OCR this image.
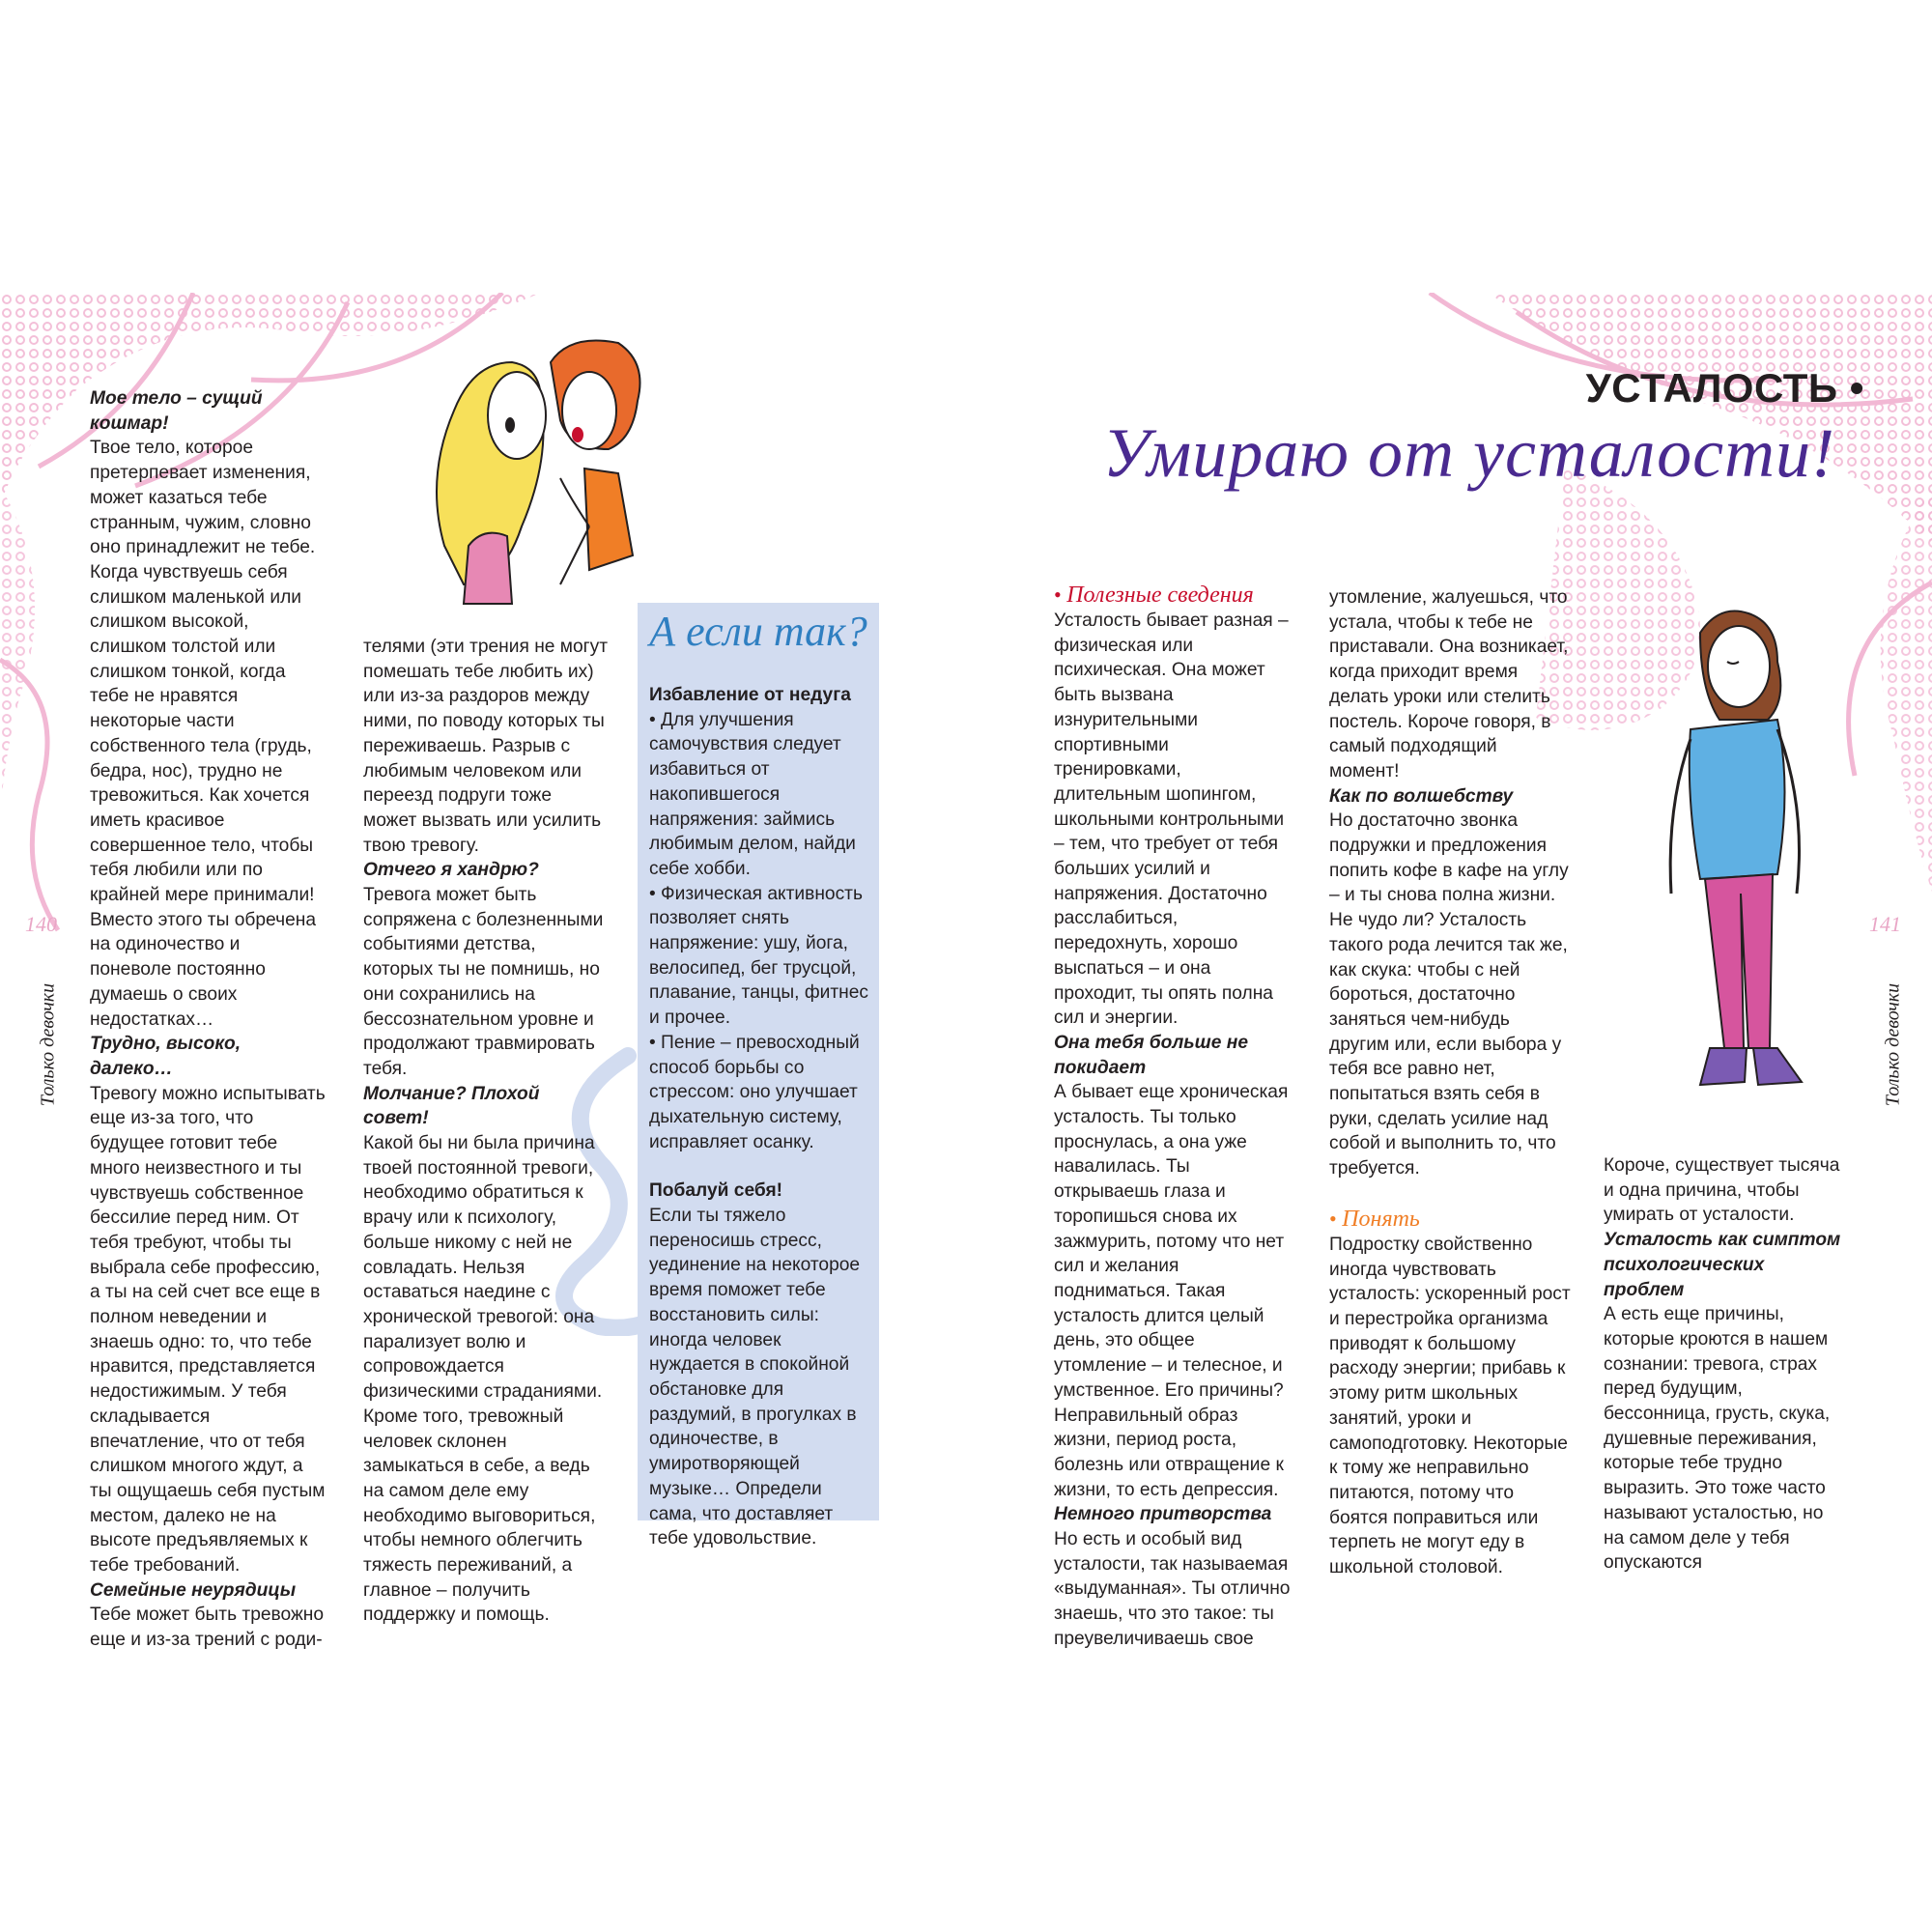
Мое тело – сущий кошмар!

Твое тело, которое претерпевает изменения, может казаться тебе странным, чужим, словно оно принадлежит не тебе. Когда чувствуешь себя слишком маленькой или слишком высокой, слишком толстой или слишком тонкой, когда тебе не нравятся некоторые части собственного тела (грудь, бедра, нос), трудно не тревожиться. Как хочется иметь красивое совершенное тело, чтобы тебя любили или по крайней мере принимали! Вместо этого ты обречена на одиночество и поневоле постоянно думаешь о своих недостатках…

Трудно, высоко, далеко…

Тревогу можно испытывать еще из-за того, что будущее готовит тебе много неизвестного и ты чувствуешь собственное бессилие перед ним. От тебя требуют, чтобы ты выбрала себе профессию, а ты на сей счет все еще в полном неведении и знаешь одно: то, что тебе нравится, представляется недостижимым. У тебя складывается впечатление, что от тебя слишком многого ждут, а ты ощущаешь себя пустым местом, далеко не на высоте предъявляемых к тебе требований.

Семейные неурядицы

Тебе может быть тревожно еще и из-за трений с роди-

телями (эти трения не могут помешать тебе любить их) или из-за раздоров между ними, по поводу которых ты переживаешь. Разрыв с любимым человеком или переезд подруги тоже может вызвать или усилить твою тревогу.

Отчего я хандрю?

Тревога может быть сопряжена с болезненными событиями детства, которых ты не помнишь, но они сохранились на бессознательном уровне и продолжают травмировать тебя.

Молчание? Плохой совет!

Какой бы ни была причина твоей постоянной тревоги, необходимо обратиться к врачу или к психологу, больше никому с ней не совладать. Нельзя оставаться наедине с хронической тревогой: она парализует волю и сопровождается физическими страданиями. Кроме того, тревожный человек склонен замыкаться в себе, а ведь на самом деле ему необходимо выговориться, чтобы немного облегчить тяжесть переживаний, а главное – получить поддержку и помощь.

А если так?

Избавление от недуга

• Для улучшения самочувствия следует избавиться от накопившегося напряжения: займись любимым делом, найди себе хобби.

• Физическая активность позволяет снять напряжение: ушу, йога, велосипед, бег трусцой, плавание, танцы, фитнес и прочее.

• Пение – превосходный способ борьбы со стрессом: оно улучшает дыхательную систему, исправляет осанку.

Побалуй себя!

Если ты тяжело переносишь стресс, уединение на некоторое время поможет тебе восстановить силы: иногда человек нуждается в спокойной обстановке для раздумий, в прогулках в одиночестве, в умиротворяющей музыке… Определи сама, что доставляет тебе удовольствие.

140
Только девочки
УСТАЛОСТЬ •
Умираю от усталости!

• Полезные сведения

Усталость бывает разная – физическая или психическая. Она может быть вызвана изнурительными спортивными тренировками, длительным шопингом, школьными контрольными – тем, что требует от тебя больших усилий и напряжения. Достаточно расслабиться, передохнуть, хорошо выспаться – и она проходит, ты опять полна сил и энергии.

Она тебя больше не покидает

А бывает еще хроническая усталость. Ты только проснулась, а она уже навалилась. Ты открываешь глаза и торопишься снова их зажмурить, потому что нет сил и желания подниматься. Такая усталость длится целый день, это общее утомление – и телесное, и умственное. Его причины? Неправильный образ жизни, период роста, болезнь или отвращение к жизни, то есть депрессия.

Немного притворства

Но есть и особый вид усталости, так называемая «выдуманная». Ты отлично знаешь, что это такое: ты преувеличиваешь свое

утомление, жалуешься, что устала, чтобы к тебе не приставали. Она возникает, когда приходит время делать уроки или стелить постель. Короче говоря, в самый подходящий момент!

Как по волшебству

Но достаточно звонка подружки и предложения попить кофе в кафе на углу – и ты снова полна жизни. Не чудо ли? Усталость такого рода лечится так же, как скука: чтобы с ней бороться, достаточно заняться чем-нибудь другим или, если выбора у тебя все равно нет, попытаться взять себя в руки, сделать усилие над собой и выполнить то, что требуется.

• Понять

Подростку свойственно иногда чувствовать усталость: ускоренный рост и перестройка организма приводят к большому расходу энергии; прибавь к этому ритм школьных занятий, уроки и самоподготовку. Некоторые к тому же неправильно питаются, потому что боятся поправиться или терпеть не могут еду в школьной столовой.

Короче, существует тысяча и одна причина, чтобы умирать от усталости.

Усталость как симптом психологических проблем

А есть еще причины, которые кроются в нашем сознании: тревога, страх перед будущим, бессонница, грусть, скука, душевные переживания, которые тебе трудно выразить. Это тоже часто называют усталостью, но на самом деле у тебя опускаются

141
Только девочки
